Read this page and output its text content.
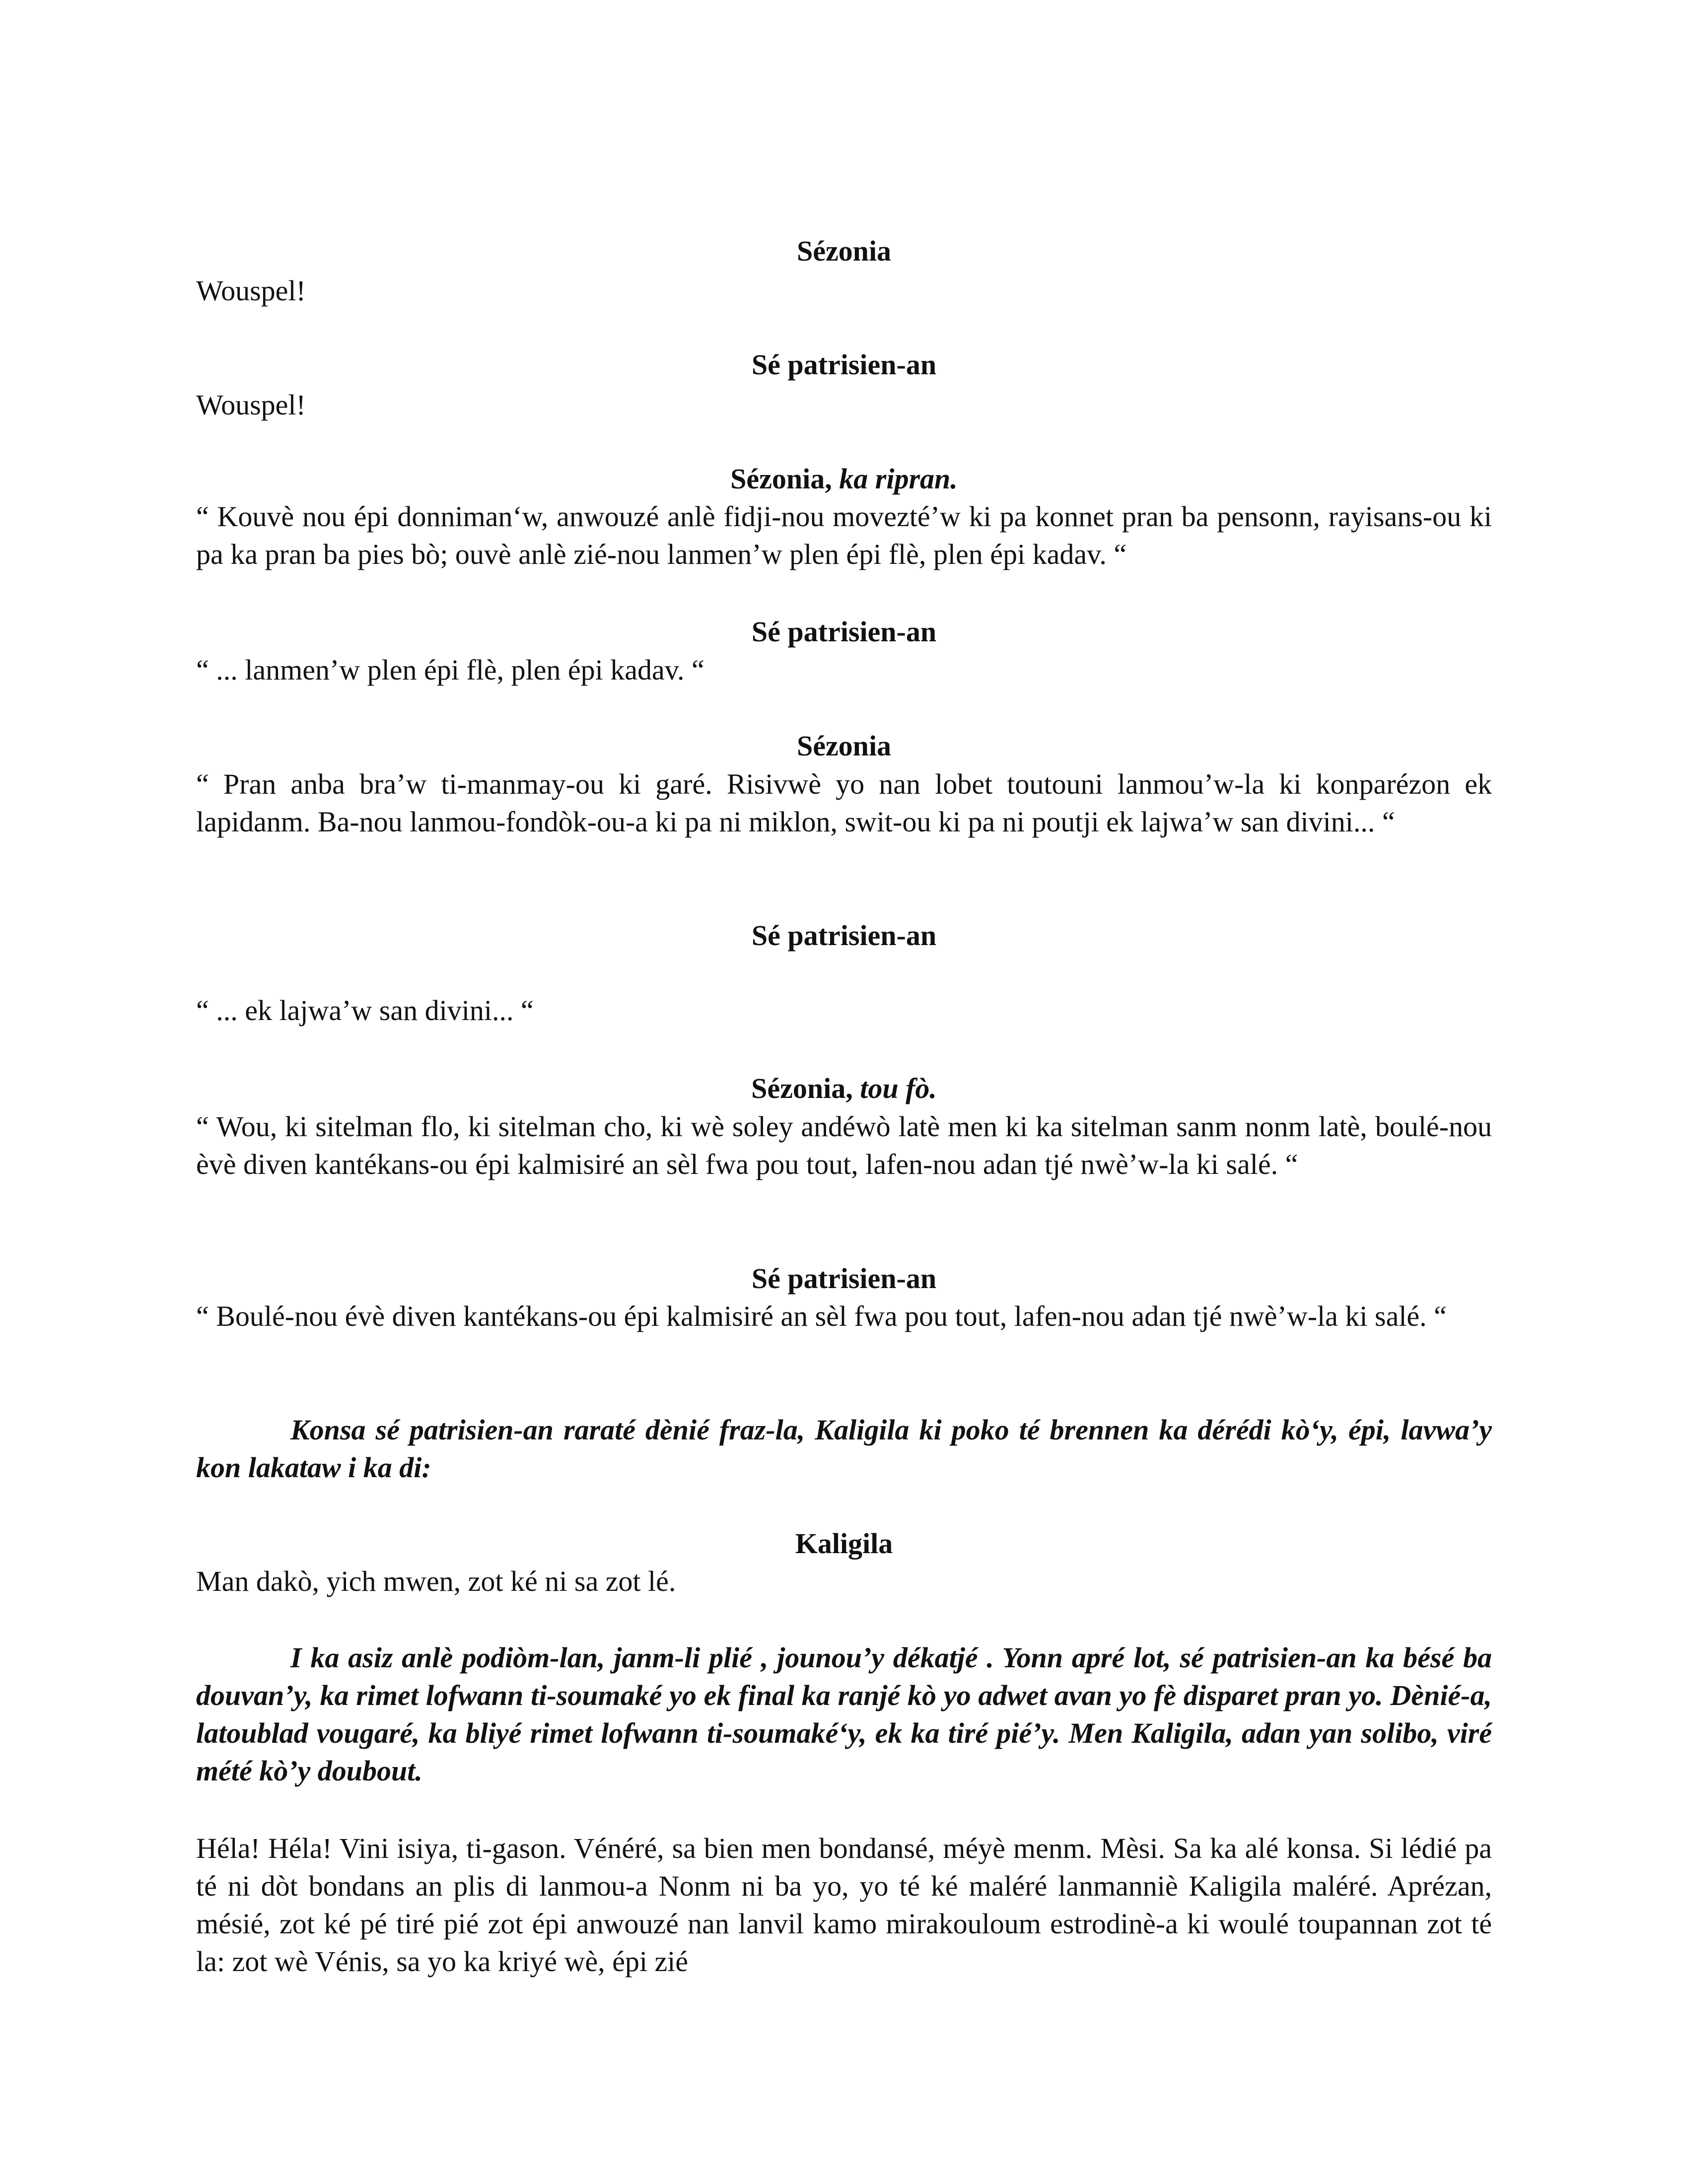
Sézonia

Wouspel!

Sé patrisien-an

Wouspel!

Sézonia, ka ripran.

“ Kouvè nou épi donniman‘w, anwouzé anlè fidji-nou movezté’w ki pa konnet pran ba pensonn, rayisans-ou ki pa ka pran ba pies bò; ouvè anlè zié-nou lanmen’w plen épi flè, plen épi kadav. “

Sé patrisien-an

“ ... lanmen’w plen épi flè, plen épi kadav. “

Sézonia

“ Pran anba bra’w ti-manmay-ou ki garé. Risivwè yo nan lobet toutouni lanmou’w-la ki konparézon ek lapidanm. Ba-nou lanmou-fondòk-ou-a ki pa ni miklon, swit-ou ki pa ni poutji ek lajwa’w san divini... “

Sé patrisien-an

“ ... ek lajwa’w san divini... “

Sézonia, tou fò.

“ Wou, ki sitelman flo, ki sitelman cho, ki wè soley andéwò latè men ki ka sitelman sanm nonm latè, boulé-nou èvè diven kantékans-ou épi kalmisiré an sèl fwa pou tout, lafen-nou adan tjé nwè’w-la ki salé. “

Sé patrisien-an

“ Boulé-nou évè diven kantékans-ou épi kalmisiré an sèl fwa pou tout, lafen-nou adan tjé nwè’w-la ki salé. “

Konsa sé patrisien-an raraté dènié fraz-la, Kaligila ki poko té brennen ka dérédi kò‘y, épi, lavwa’y kon lakataw i ka di:

Kaligila

Man dakò, yich mwen, zot ké ni sa zot lé.

I ka asiz anlè podiòm-lan, janm-li plié , jounou’y dékatjé . Yonn apré lot, sé patrisien-an ka bésé ba douvan’y, ka rimet lofwann ti-soumaké yo ek final ka ranjé kò yo adwet avan yo fè disparet pran yo. Dènié-a, latoublad vougaré, ka bliyé rimet lofwann ti-soumaké‘y, ek ka tiré pié’y. Men Kaligila, adan yan solibo, viré mété kò’y doubout.

Héla! Héla! Vini isiya, ti-gason. Vénéré, sa bien men bondansé, méyè menm. Mèsi. Sa ka alé konsa. Si lédié pa té ni dòt bondans an plis di lanmou-a Nonm ni ba yo, yo té ké maléré lanmanniè Kaligila maléré. Aprézan, mésié, zot ké pé tiré pié zot épi anwouzé nan lanvil kamo mirakouloum estrodinè-a ki woulé toupannan zot té la: zot wè Vénis, sa yo ka kriyé wè, épi zié
